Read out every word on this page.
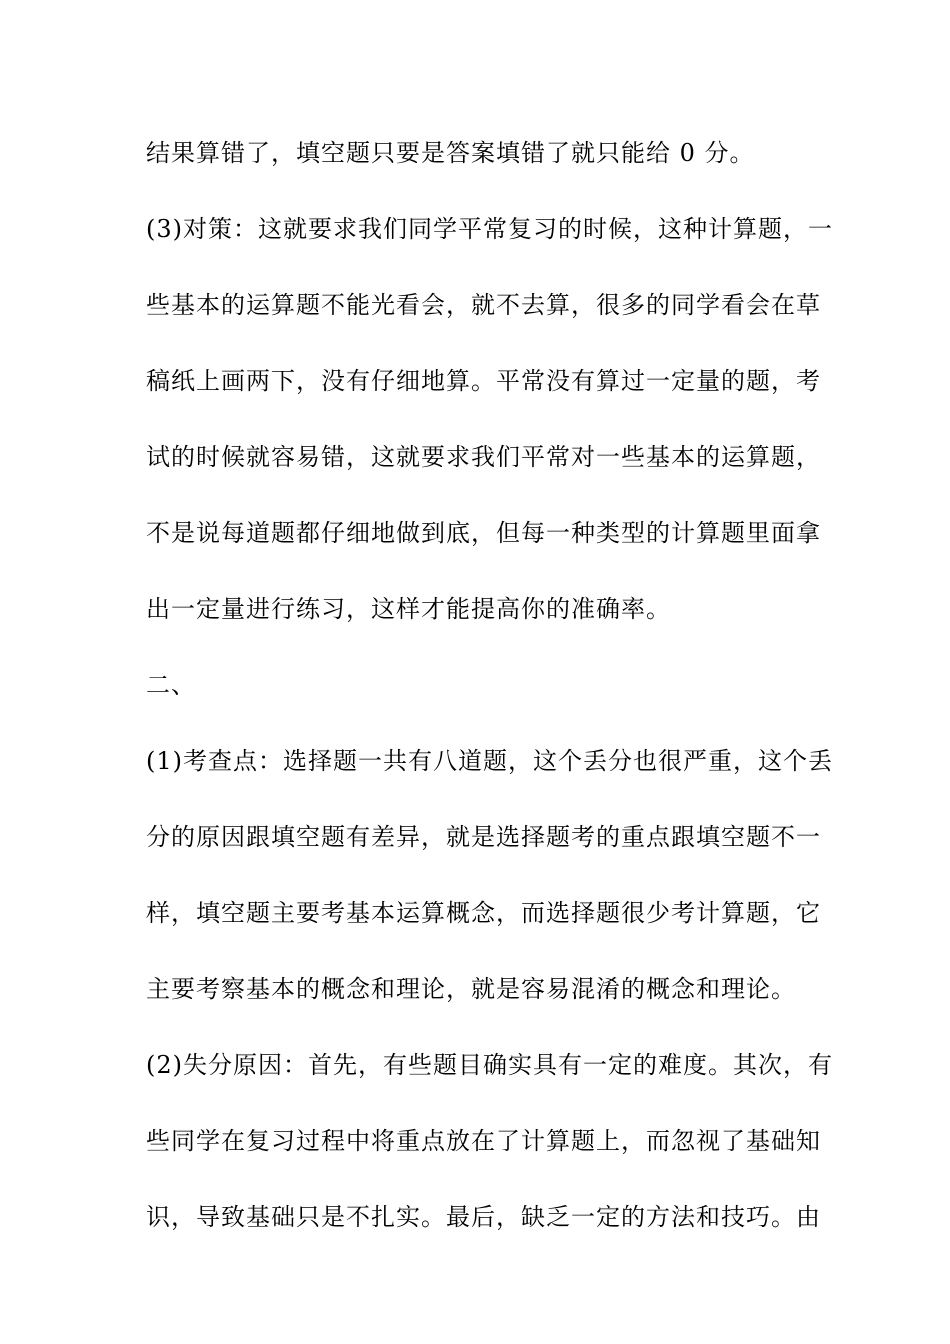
结果算错了，填空题只要是答案填错了就只能给 0 分。
(3)对策：这就要求我们同学平常复习的时候，这种计算题，一
些基本的运算题不能光看会，就不去算，很多的同学看会在草
稿纸上画两下，没有仔细地算。平常没有算过一定量的题，考
试的时候就容易错，这就要求我们平常对一些基本的运算题，
不是说每道题都仔细地做到底，但每一种类型的计算题里面拿
出一定量进行练习，这样才能提高你的准确率。
二、
(1)考查点：选择题一共有八道题，这个丢分也很严重，这个丢
分的原因跟填空题有差异，就是选择题考的重点跟填空题不一
样，填空题主要考基本运算概念，而选择题很少考计算题，它
主要考察基本的概念和理论，就是容易混淆的概念和理论。
(2)失分原因：首先，有些题目确实具有一定的难度。其次，有
些同学在复习过程中将重点放在了计算题上，而忽视了基础知
识，导致基础只是不扎实。最后，缺乏一定的方法和技巧。由
